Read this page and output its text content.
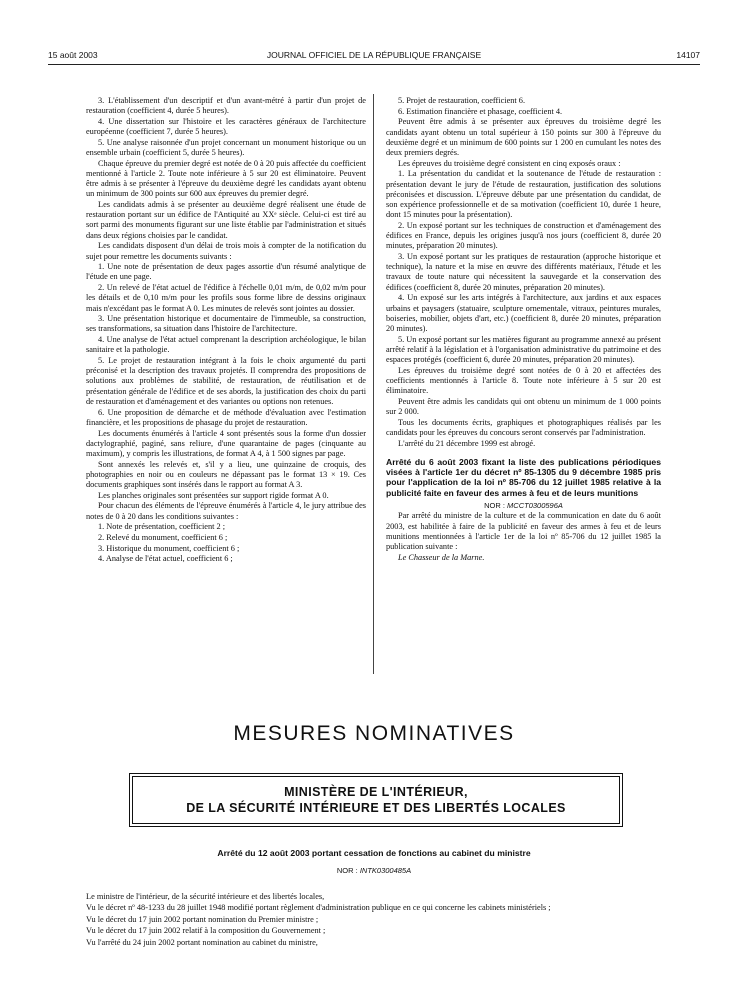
15 août 2003	JOURNAL OFFICIEL DE LA RÉPUBLIQUE FRANÇAISE	14107

3. L'établissement d'un descriptif et d'un avant-métré à partir d'un projet de restauration (coefficient 4, durée 5 heures).

4. Une dissertation sur l'histoire et les caractères généraux de l'architecture européenne (coefficient 7, durée 5 heures).

5. Une analyse raisonnée d'un projet concernant un monument historique ou un ensemble urbain (coefficient 5, durée 5 heures).

Chaque épreuve du premier degré est notée de 0 à 20 puis affectée du coefficient mentionné à l'article 2. Toute note inférieure à 5 sur 20 est éliminatoire. Peuvent être admis à se présenter à l'épreuve du deuxième degré les candidats ayant obtenu un minimum de 300 points sur 600 aux épreuves du premier degré.

Les candidats admis à se présenter au deuxième degré réalisent une étude de restauration portant sur un édifice de l'Antiquité au XXᵉ siècle. Celui-ci est tiré au sort parmi des monuments figurant sur une liste établie par l'administration et situés dans deux régions choisies par le candidat.

Les candidats disposent d'un délai de trois mois à compter de la notification du sujet pour remettre les documents suivants :

1. Une note de présentation de deux pages assortie d'un résumé analytique de l'étude en une page.

2. Un relevé de l'état actuel de l'édifice à l'échelle 0,01 m/m, de 0,02 m/m pour les détails et de 0,10 m/m pour les profils sous forme libre de dessins originaux mais n'excédant pas le format A 0. Les minutes de relevés sont jointes au dossier.

3. Une présentation historique et documentaire de l'immeuble, sa construction, ses transformations, sa situation dans l'histoire de l'architecture.

4. Une analyse de l'état actuel comprenant la description archéologique, le bilan sanitaire et la pathologie.

5. Le projet de restauration intégrant à la fois le choix argumenté du parti préconisé et la description des travaux projetés. Il comprendra des propositions de solutions aux problèmes de stabilité, de restauration, de réutilisation et de présentation générale de l'édifice et de ses abords, la justification des choix du parti de restauration et d'aménagement et des variantes ou options non retenues.

6. Une proposition de démarche et de méthode d'évaluation avec l'estimation financière, et les propositions de phasage du projet de restauration.

Les documents énumérés à l'article 4 sont présentés sous la forme d'un dossier dactylographié, paginé, sans reliure, d'une quarantaine de pages (cinquante au maximum), y compris les illustrations, de format A 4, à 1 500 signes par page.

Sont annexés les relevés et, s'il y a lieu, une quinzaine de croquis, des photographies en noir ou en couleurs ne dépassant pas le format 13 × 19. Ces documents graphiques sont insérés dans le rapport au format A 3.

Les planches originales sont présentées sur support rigide format A 0.

Pour chacun des éléments de l'épreuve énumérés à l'article 4, le jury attribue des notes de 0 à 20 dans les conditions suivantes :

1. Note de présentation, coefficient 2 ;

2. Relevé du monument, coefficient 6 ;

3. Historique du monument, coefficient 6 ;

4. Analyse de l'état actuel, coefficient 6 ;

5. Projet de restauration, coefficient 6.

6. Estimation financière et phasage, coefficient 4.

Peuvent être admis à se présenter aux épreuves du troisième degré les candidats ayant obtenu un total supérieur à 150 points sur 300 à l'épreuve du deuxième degré et un minimum de 600 points sur 1 200 en cumulant les notes des deux premiers degrés.

Les épreuves du troisième degré consistent en cinq exposés oraux :

1. La présentation du candidat et la soutenance de l'étude de restauration : présentation devant le jury de l'étude de restauration, justification des solutions préconisées et discussion. L'épreuve débute par une présentation du candidat, de son expérience professionnelle et de sa motivation (coefficient 10, durée 1 heure, dont 15 minutes pour la présentation).

2. Un exposé portant sur les techniques de construction et d'aménagement des édifices en France, depuis les origines jusqu'à nos jours (coefficient 8, durée 20 minutes, préparation 20 minutes).

3. Un exposé portant sur les pratiques de restauration (approche historique et technique), la nature et la mise en œuvre des différents matériaux, l'étude et les travaux de toute nature qui nécessitent la sauvegarde et la conservation des édifices (coefficient 8, durée 20 minutes, préparation 20 minutes).

4. Un exposé sur les arts intégrés à l'architecture, aux jardins et aux espaces urbains et paysagers (statuaire, sculpture ornementale, vitraux, peintures murales, boiseries, mobilier, objets d'art, etc.) (coefficient 8, durée 20 minutes, préparation 20 minutes).

5. Un exposé portant sur les matières figurant au programme annexé au présent arrêté relatif à la législation et à l'organisation administrative du patrimoine et des espaces protégés (coefficient 6, durée 20 minutes, préparation 20 minutes).

Les épreuves du troisième degré sont notées de 0 à 20 et affectées des coefficients mentionnés à l'article 8. Toute note inférieure à 5 sur 20 est éliminatoire.

Peuvent être admis les candidats qui ont obtenu un minimum de 1 000 points sur 2 000.

Tous les documents écrits, graphiques et photographiques réalisés par les candidats pour les épreuves du concours seront conservés par l'administration.

L'arrêté du 21 décembre 1999 est abrogé.

Arrêté du 6 août 2003 fixant la liste des publications périodiques visées à l'article 1er du décret nº 85-1305 du 9 décembre 1985 pris pour l'application de la loi nº 85-706 du 12 juillet 1985 relative à la publicité faite en faveur des armes à feu et de leurs munitions

NOR : MCCT0300596A

Par arrêté du ministre de la culture et de la communication en date du 6 août 2003, est habilitée à faire de la publicité en faveur des armes à feu et de leurs munitions mentionnées à l'article 1er de la loi nº 85-706 du 12 juillet 1985 la publication suivante :

Le Chasseur de la Marne.

MESURES NOMINATIVES
MINISTÈRE DE L'INTÉRIEUR,
DE LA SÉCURITÉ INTÉRIEURE ET DES LIBERTÉS LOCALES
Arrêté du 12 août 2003 portant cessation de fonctions au cabinet du ministre
NOR : INTK0300485A

Le ministre de l'intérieur, de la sécurité intérieure et des libertés locales,

Vu le décret nº 48-1233 du 28 juillet 1948 modifié portant règlement d'administration publique en ce qui concerne les cabinets ministériels ;

Vu le décret du 17 juin 2002 portant nomination du Premier ministre ;

Vu le décret du 17 juin 2002 relatif à la composition du Gouvernement ;

Vu l'arrêté du 24 juin 2002 portant nomination au cabinet du ministre,
